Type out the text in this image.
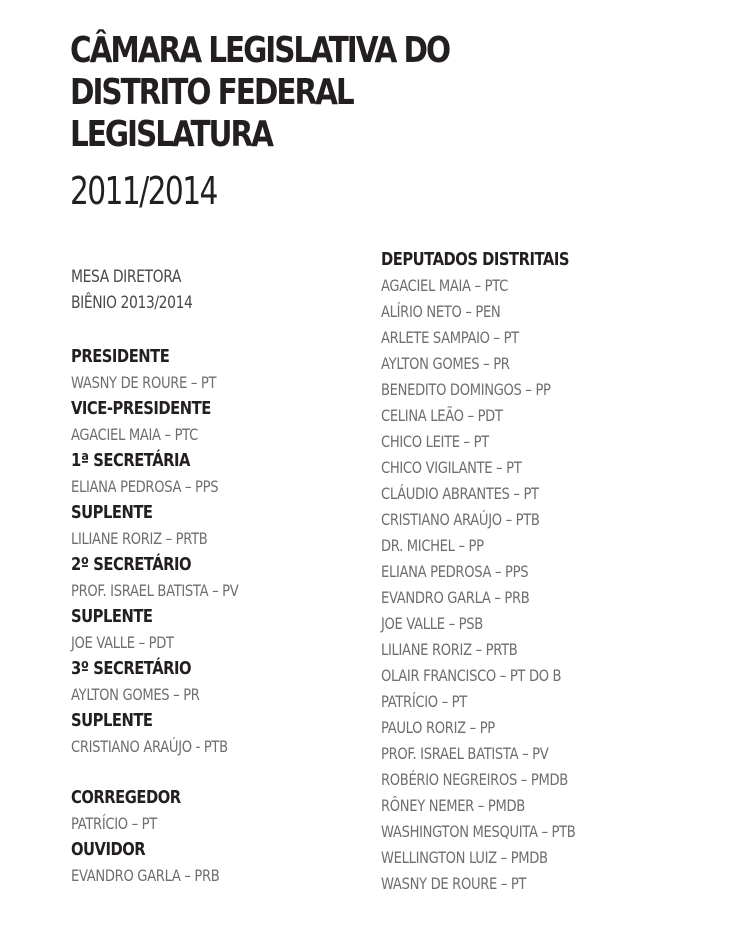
CÂMARA LEGISLATIVA DO
DISTRITO FEDERAL
LEGISLATURA
2011/2014
MESA DIRETORA
BIÊNIO 2013/2014
PRESIDENTE
WASNY DE ROURE – PT
VICE-PRESIDENTE
AGACIEL MAIA – PTC
1ª SECRETÁRIA
ELIANA PEDROSA – PPS
SUPLENTE
LILIANE RORIZ – PRTB
2º SECRETÁRIO
PROF. ISRAEL BATISTA – PV
SUPLENTE
JOE VALLE – PDT
3º SECRETÁRIO
AYLTON GOMES – PR
SUPLENTE
CRISTIANO ARAÚJO - PTB
CORREGEDOR
PATRÍCIO – PT
OUVIDOR
EVANDRO GARLA – PRB
DEPUTADOS DISTRITAIS
AGACIEL MAIA – PTC
ALÍRIO NETO – PEN
ARLETE SAMPAIO – PT
AYLTON GOMES – PR
BENEDITO DOMINGOS – PP
CELINA LEÃO – PDT
CHICO LEITE – PT
CHICO VIGILANTE – PT
CLÁUDIO ABRANTES – PT
CRISTIANO ARAÚJO – PTB
DR. MICHEL – PP
ELIANA PEDROSA – PPS
EVANDRO GARLA – PRB
JOE VALLE – PSB
LILIANE RORIZ – PRTB
OLAIR FRANCISCO – PT DO B
PATRÍCIO – PT
PAULO RORIZ – PP
PROF. ISRAEL BATISTA – PV
ROBÉRIO NEGREIROS – PMDB
RÔNEY NEMER – PMDB
WASHINGTON MESQUITA – PTB
WELLINGTON LUIZ – PMDB
WASNY DE ROURE – PT
